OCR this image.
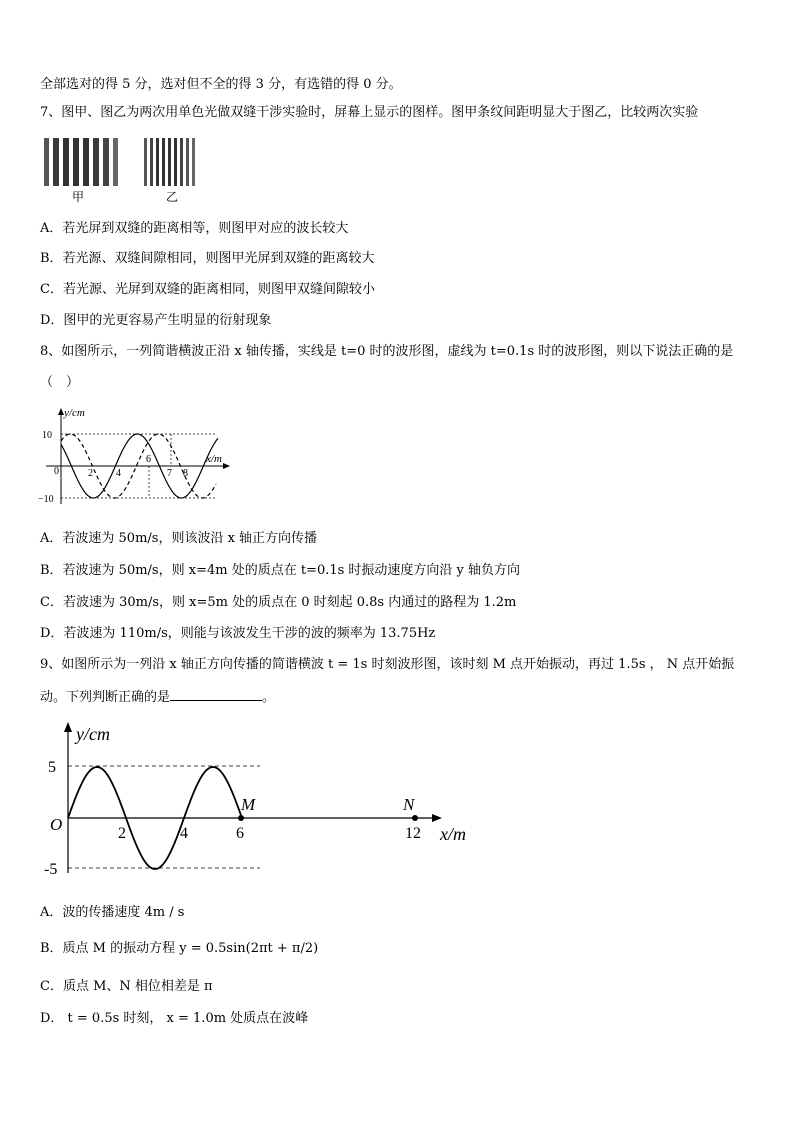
全部选对的得 5 分，选对但不全的得 3 分，有选错的得 0 分。
7、图甲、图乙为两次用单色光做双缝干涉实验时，屏幕上显示的图样。图甲条纹间距明显大于图乙，比较两次实验
甲	乙
A．若光屏到双缝的距离相等，则图甲对应的波长较大
B．若光源、双缝间隙相同，则图甲光屏到双缝的距离较大
C．若光源、光屏到双缝的距离相同，则图甲双缝间隙较小
D．图甲的光更容易产生明显的衍射现象
8、如图所示，一列简谐横波正沿 x 轴传播，实线是 t=0 时的波形图，虚线为 t=0.1s 时的波形图，则以下说法正确的是
（　）
y/cm
x/m
10
−10
0	2 4
6
7 8
A．若波速为 50m/s，则该波沿 x 轴正方向传播
B．若波速为 50m/s，则 x=4m 处的质点在 t=0.1s 时振动速度方向沿 y 轴负方向
C．若波速为 30m/s，则 x=5m 处的质点在 0 时刻起 0.8s 内通过的路程为 1.2m
D．若波速为 110m/s，则能与该波发生干涉的波的频率为 13.75Hz
9、如图所示为一列沿 x 轴正方向传播的简谐横波 t = 1s 时刻波形图，该时刻 M 点开始振动，再过 1.5s ， N 点开始振
动。下列判断正确的是	。
y/cm
x/m
5
-5
O	2	4	6	12
M	N
A．波的传播速度 4m / s
B．质点 M 的振动方程 y = 0.5sin(2πt + π/2)
C．质点 M、N 相位相差是 π
D． t = 0.5s 时刻， x = 1.0m 处质点在波峰
